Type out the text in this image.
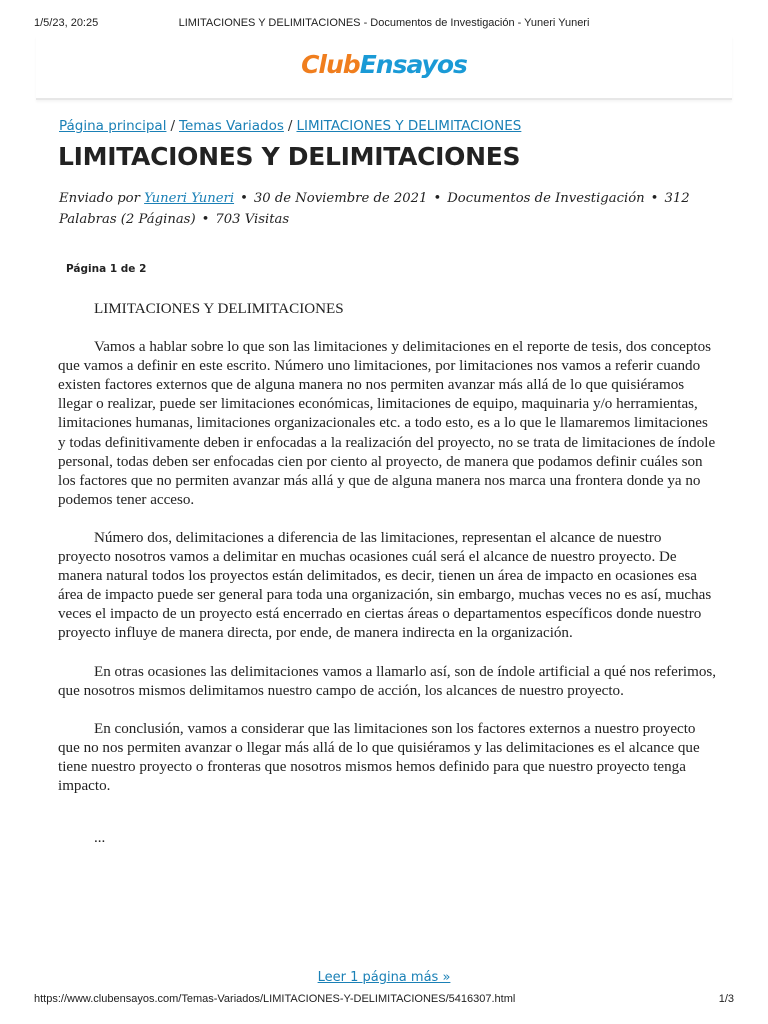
1/5/23, 20:25	LIMITACIONES Y DELIMITACIONES - Documentos de Investigación - Yuneri Yuneri
ClubEnsayos
Página principal / Temas Variados / LIMITACIONES Y DELIMITACIONES
LIMITACIONES Y DELIMITACIONES
Enviado por Yuneri Yuneri • 30 de Noviembre de 2021 • Documentos de Investigación • 312 Palabras (2 Páginas) • 703 Visitas
Página 1 de 2
LIMITACIONES Y DELIMITACIONES

Vamos a hablar sobre lo que son las limitaciones y delimitaciones en el reporte de tesis, dos conceptos que vamos a definir en este escrito. Número uno limitaciones, por limitaciones nos vamos a referir cuando existen factores externos que de alguna manera no nos permiten avanzar más allá de lo que quisiéramos llegar o realizar, puede ser limitaciones económicas, limitaciones de equipo, maquinaria y/o herramientas, limitaciones humanas, limitaciones organizacionales etc. a todo esto, es a lo que le llamaremos limitaciones y todas definitivamente deben ir enfocadas a la realización del proyecto, no se trata de limitaciones de índole personal, todas deben ser enfocadas cien por ciento al proyecto, de manera que podamos definir cuáles son los factores que no permiten avanzar más allá y que de alguna manera nos marca una frontera donde ya no podemos tener acceso.

Número dos, delimitaciones a diferencia de las limitaciones, representan el alcance de nuestro proyecto nosotros vamos a delimitar en muchas ocasiones cuál será el alcance de nuestro proyecto. De manera natural todos los proyectos están delimitados, es decir, tienen un área de impacto en ocasiones esa área de impacto puede ser general para toda una organización, sin embargo, muchas veces no es así, muchas veces el impacto de un proyecto está encerrado en ciertas áreas o departamentos específicos donde nuestro proyecto influye de manera directa, por ende, de manera indirecta en la organización.

En otras ocasiones las delimitaciones vamos a llamarlo así, son de índole artificial a qué nos referimos, que nosotros mismos delimitamos nuestro campo de acción, los alcances de nuestro proyecto.

En conclusión, vamos a considerar que las limitaciones son los factores externos a nuestro proyecto que no nos permiten avanzar o llegar más allá de lo que quisiéramos y las delimitaciones es el alcance que tiene nuestro proyecto o fronteras que nosotros mismos hemos definido para que nuestro proyecto tenga impacto.

...
Leer 1 página más »
https://www.clubensayos.com/Temas-Variados/LIMITACIONES-Y-DELIMITACIONES/5416307.html	1/3
